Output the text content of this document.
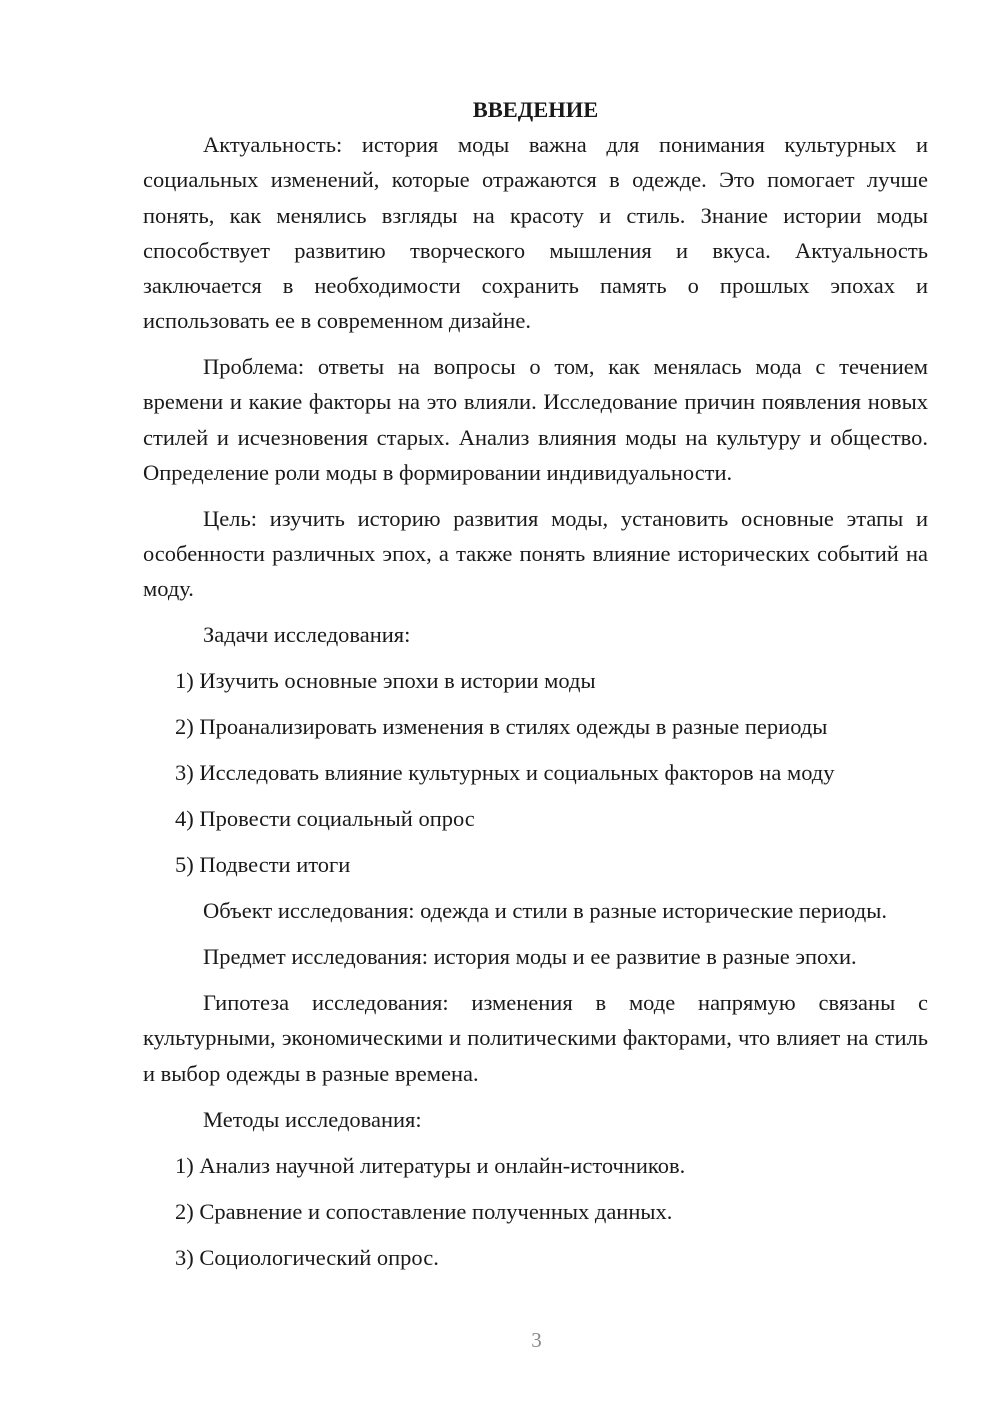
ВВЕДЕНИЕ

Актуальность: история моды важна для понимания культурных и социальных изменений, которые отражаются в одежде. Это помогает лучше понять, как менялись взгляды на красоту и стиль. Знание истории моды способствует развитию творческого мышления и вкуса. Актуальность заключается в необходимости сохранить память о прошлых эпохах и использовать ее в современном дизайне.

Проблема: ответы на вопросы о том, как менялась мода с течением времени и какие факторы на это влияли. Исследование причин появления новых стилей и исчезновения старых. Анализ влияния моды на культуру и общество. Определение роли моды в формировании индивидуальности.

Цель: изучить историю развития моды, установить основные этапы и особенности различных эпох, а также понять влияние исторических событий на моду.

Задачи исследования:

1) Изучить основные эпохи в истории моды

2) Проанализировать изменения в стилях одежды в разные периоды

3) Исследовать влияние культурных и социальных факторов на моду

4) Провести социальный опрос

5) Подвести итоги

Объект исследования: одежда и стили в разные исторические периоды.

Предмет исследования: история моды и ее развитие в разные эпохи.

Гипотеза исследования: изменения в моде напрямую связаны с культурными, экономическими и политическими факторами, что влияет на стиль и выбор одежды в разные времена.

Методы исследования:

1) Анализ научной литературы и онлайн-источников.

2) Сравнение и сопоставление полученных данных.

3) Социологический опрос.

3
